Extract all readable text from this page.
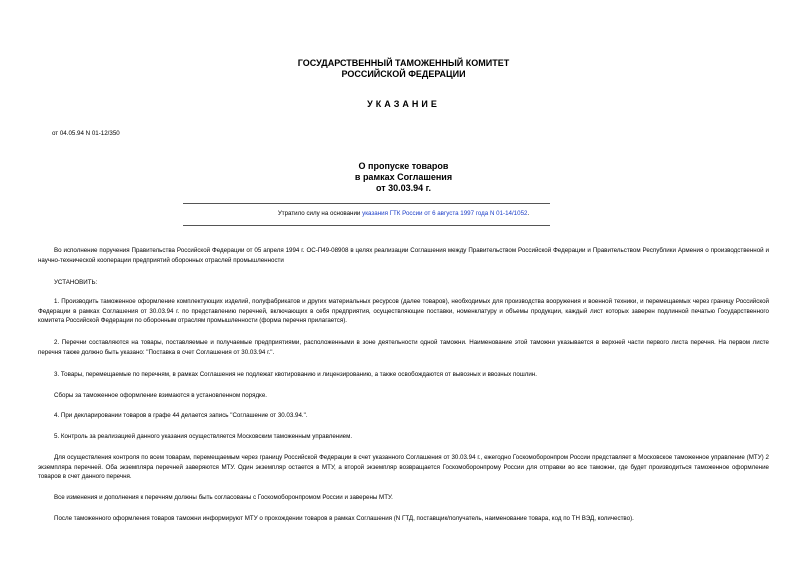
ГОСУДАРСТВЕННЫЙ ТАМОЖЕННЫЙ КОМИТЕТ
РОССИЙСКОЙ ФЕДЕРАЦИИ
УКАЗАНИЕ
от 04.05.94 N 01-12/350
О пропуске товаров
в рамках Соглашения
от 30.03.94 г.
Утратило силу на основании указания ГТК России от 6 августа 1997 года N 01-14/1052.
Во исполнение поручения Правительства Российской Федерации от 05 апреля 1994 г. ОС-П49-08908 в целях реализации Соглашения между Правительством Российской Федерации и Правительством Республики Армения о производственной и научно-технической кооперации предприятий оборонных отраслей промышленности
УСТАНОВИТЬ:
1. Производить таможенное оформление комплектующих изделий, полуфабрикатов и других материальных ресурсов (далее товаров), необходимых для производства вооружения и военной техники, и перемещаемых через границу Российской Федерации в рамках Соглашения от 30.03.94 г. по представлению перечней, включающих в себя предприятия, осуществляющие поставки, номенклатуру и объемы продукции, каждый лист которых заверен подлинной печатью Государственного комитета Российской Федерации по оборонным отраслям промышленности (форма перечня прилагается).
2. Перечни составляются на товары, поставляемые и получаемые предприятиями, расположенными в зоне деятельности одной таможни. Наименование этой таможни указывается в верхней части первого листа перечня. На первом листе перечня также должно быть указано: "Поставка в счет Соглашения от 30.03.94 г.".
3. Товары, перемещаемые по перечням, в рамках Соглашения не подлежат квотированию и лицензированию, а также освобождаются от вывозных и ввозных пошлин.
Сборы за таможенное оформление взимаются в установленном порядке.
4. При декларировании товаров в графе 44 делается запись "Соглашение от 30.03.94.".
5. Контроль за реализацией данного указания осуществляется Московским таможенным управлением.
Для осуществления контроля по всем товарам, перемещаемым через границу Российской Федерации в счет указанного Соглашения от 30.03.94 г., ежегодно Госкомоборонпром России представляет в Московское таможенное управление (МТУ) 2 экземпляра перечней. Оба экземпляра перечней заверяются МТУ. Один экземпляр остается в МТУ, а второй экземпляр возвращается Госкомоборонпрому России для отправки во все таможни, где будет производиться таможенное оформление товаров в счет данного перечня.
Все изменения и дополнения к перечням должны быть согласованы с Госкомоборонпромом России и заверены МТУ.
После таможенного оформления товаров таможни информируют МТУ о прохождении товаров в рамках Соглашения (N ГТД, поставщик/получатель, наименование товара, код по ТН ВЭД, количество).
